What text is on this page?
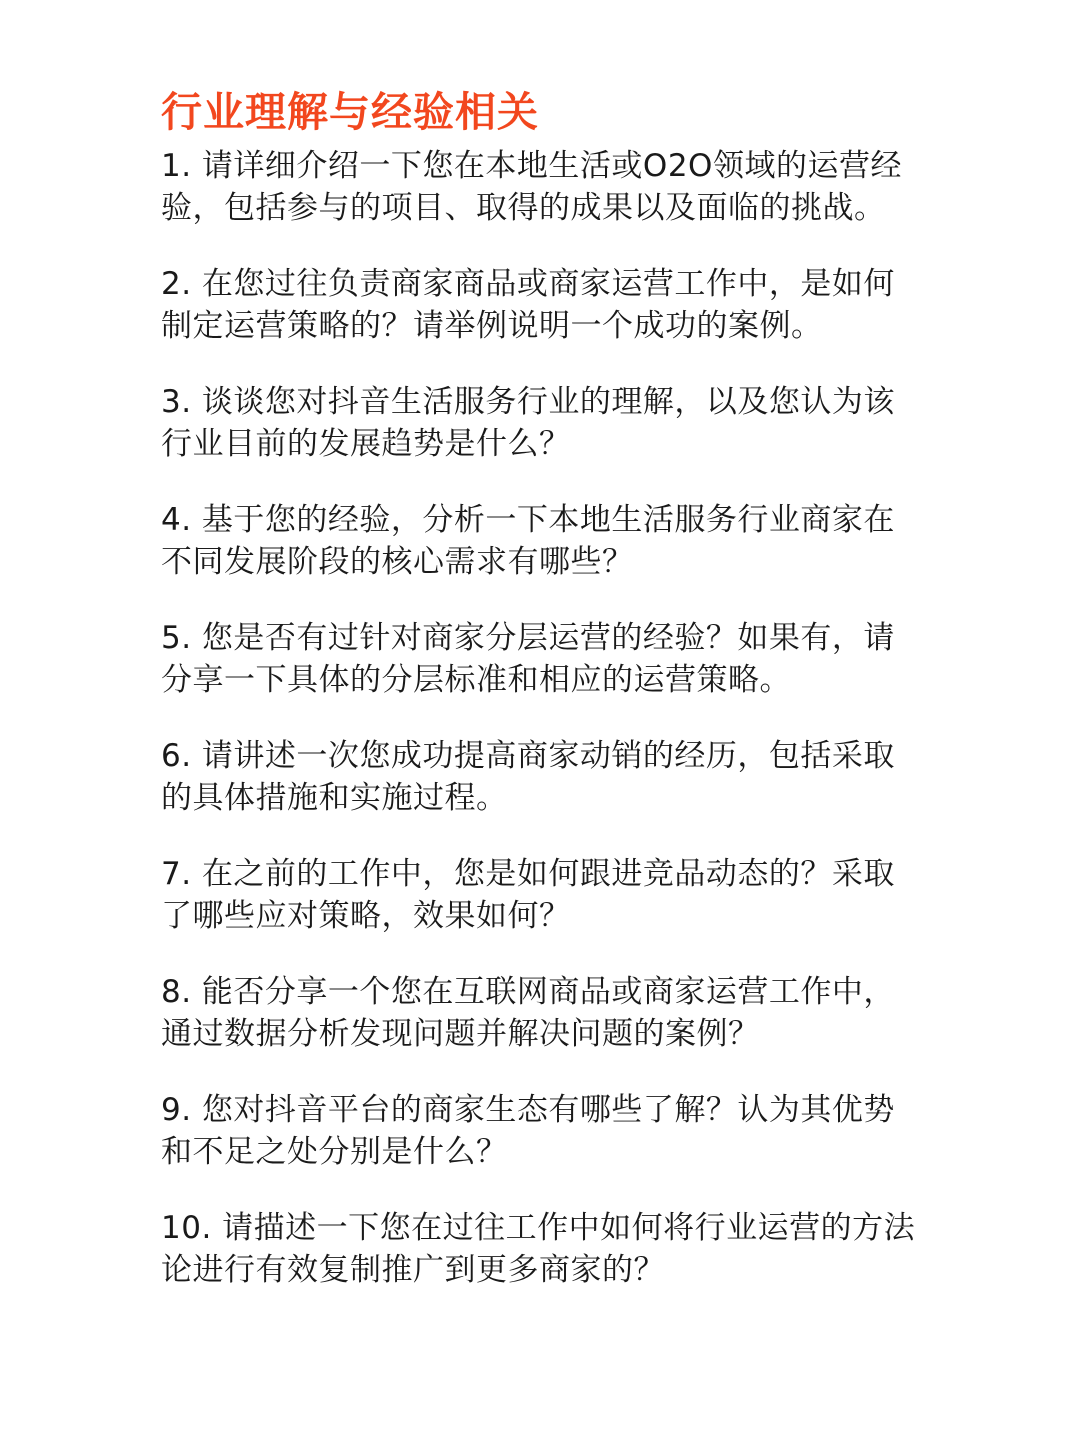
行业理解与经验相关
1. 请详细介绍一下您在本地生活或O2O领域的运营经验，包括参与的项目、取得的成果以及面临的挑战。
2. 在您过往负责商家商品或商家运营工作中，是如何制定运营策略的？请举例说明一个成功的案例。
3. 谈谈您对抖音生活服务行业的理解，以及您认为该行业目前的发展趋势是什么？
4. 基于您的经验，分析一下本地生活服务行业商家在不同发展阶段的核心需求有哪些？
5. 您是否有过针对商家分层运营的经验？如果有，请分享一下具体的分层标准和相应的运营策略。
6. 请讲述一次您成功提高商家动销的经历，包括采取的具体措施和实施过程。
7. 在之前的工作中，您是如何跟进竞品动态的？采取了哪些应对策略，效果如何？
8. 能否分享一个您在互联网商品或商家运营工作中，通过数据分析发现问题并解决问题的案例？
9. 您对抖音平台的商家生态有哪些了解？认为其优势和不足之处分别是什么？
10. 请描述一下您在过往工作中如何将行业运营的方法论进行有效复制推广到更多商家的？
